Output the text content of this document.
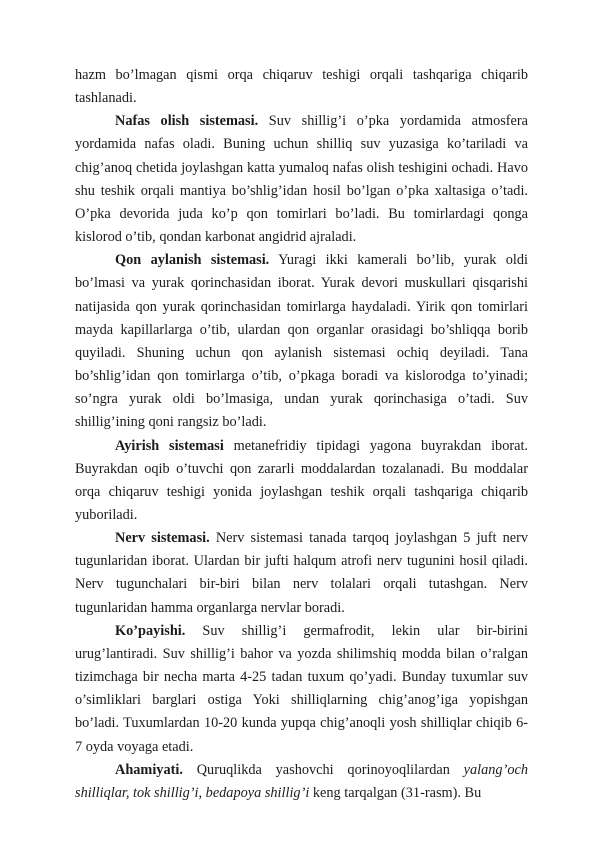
hazm bo’lmagan qismi orqa chiqaruv teshigi orqali tashqariga chiqarib tashlanadi.

Nafas olish sistemasi. Suv shillig’i o’pka yordamida atmosfera yordamida nafas oladi. Buning uchun shilliq suv yuzasiga ko’tariladi va chig’anoq chetida joylashgan katta yumaloq nafas olish teshigini ochadi. Havo shu teshik orqali mantiya bo’shlig’idan hosil bo’lgan o’pka xaltasiga o’tadi. O’pka devorida juda ko’p qon tomirlari bo’ladi. Bu tomirlardagi qonga kislorod o’tib, qondan karbonat angidrid ajraladi.

Qon aylanish sistemasi. Yuragi ikki kamerali bo’lib, yurak oldi bo’lmasi va yurak qorinchasidan iborat. Yurak devori muskullari qisqarishi natijasida qon yurak qorinchasidan tomirlarga haydaladi. Yirik qon tomirlari mayda kapillarlarga o’tib, ulardan qon organlar orasidagi bo’shliqqa borib quyiladi. Shuning uchun qon aylanish sistemasi ochiq deyiladi. Tana bo’shlig’idan qon tomirlarga o’tib, o’pkaga boradi va kislorodga to’yinadi; so’ngra yurak oldi bo’lmasiga, undan yurak qorinchasiga o’tadi. Suv shillig’ining qoni rangsiz bo’ladi.

Ayirish sistemasi metanefridiy tipidagi yagona buyrakdan iborat. Buyrakdan oqib o’tuvchi qon zararli moddalardan tozalanadi. Bu moddalar orqa chiqaruv teshigi yonida joylashgan teshik orqali tashqariga chiqarib yuboriladi.

Nerv sistemasi. Nerv sistemasi tanada tarqoq joylashgan 5 juft nerv tugunlaridan iborat. Ulardan bir jufti halqum atrofi nerv tugunini hosil qiladi. Nerv tugunchalari bir-biri bilan nerv tolalari orqali tutashgan. Nerv tugunlaridan hamma organlarga nervlar boradi.

Ko’payishi. Suv shillig’i germafrodit, lekin ular bir-birini urug’lantiradi. Suv shillig’i bahor va yozda shilimshiq modda bilan o’ralgan tizimchaga bir necha marta 4-25 tadan tuxum qo’yadi. Bunday tuxumlar suv o’simliklari barglari ostiga Yoki shilliqlarning chig’anog’iga yopishgan bo’ladi. Tuxumlardan 10-20 kunda yupqa chig’anoqli yosh shilliqlar chiqib 6-7 oyda voyaga etadi.

Ahamiyati. Quruqlikda yashovchi qorinoyoqlilardan yalang’och shilliqlar, tok shillig’i, bedapoya shillig’i keng tarqalgan (31-rasm). Bu
